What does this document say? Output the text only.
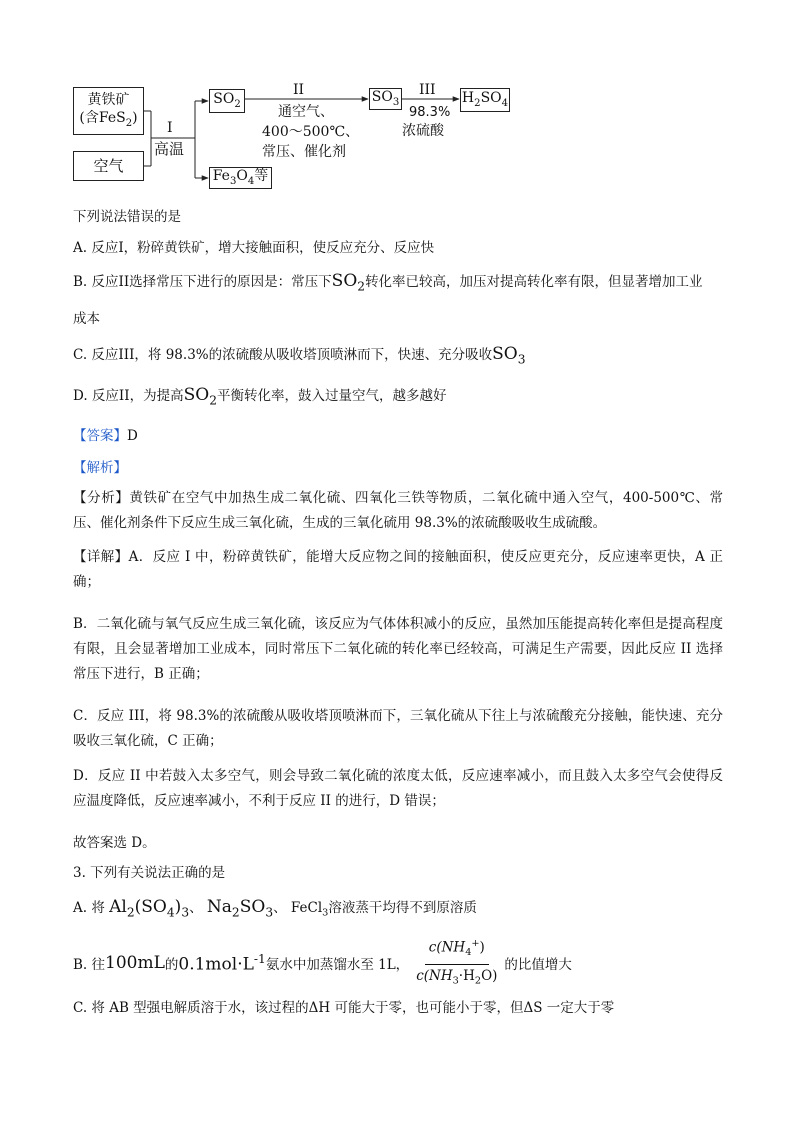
黄铁矿
(含FeS$_2$)
空气
$SO_2$	$SO_3$	$H_2SO_4$
$Fe_3O_4$等
I
高温
II
通空气、
400～500℃、
常压、催化剂
III
98.3%
浓硫酸
下列说法错误的是
A. 反应I，粉碎黄铁矿，增大接触面积，使反应充分、反应快
B. 反应II选择常压下进行的原因是：常压下$SO_2$转化率已较高，加压对提高转化率有限，但显著增加工业
成本
C. 反应III，将 98.3%的浓硫酸从吸收塔顶喷淋而下，快速、充分吸收$SO_3$
D. 反应II，为提高$SO_2$平衡转化率，鼓入过量空气，越多越好
【答案】D
【解析】
【分析】黄铁矿在空气中加热生成二氧化硫、四氧化三铁等物质，二氧化硫中通入空气，400-500℃、常压、催化剂条件下反应生成三氧化硫，生成的三氧化硫用 98.3%的浓硫酸吸收生成硫酸。
【详解】A．反应 I 中，粉碎黄铁矿，能增大反应物之间的接触面积，使反应更充分，反应速率更快，A 正确；
B．二氧化硫与氧气反应生成三氧化硫，该反应为气体体积减小的反应，虽然加压能提高转化率但是提高程度有限，且会显著增加工业成本，同时常压下二氧化硫的转化率已经较高，可满足生产需要，因此反应 II 选择常压下进行，B 正确；
C．反应 III，将 98.3%的浓硫酸从吸收塔顶喷淋而下，三氧化硫从下往上与浓硫酸充分接触，能快速、充分吸收三氧化硫，C 正确；
D．反应 II 中若鼓入太多空气，则会导致二氧化硫的浓度太低，反应速率减小，而且鼓入太多空气会使得反应温度降低，反应速率减小，不利于反应 II 的进行，D 错误；
故答案选 D。
3. 下列有关说法正确的是
A. 将 $Al_2(SO_4)_3$、 $Na_2SO_3$、 FeCl$_3$溶液蒸干均得不到原溶质
B. 往 100mL 的 $0.1mol\cdot L^{-1}$ 氨水中加蒸馏水至 1L， $\frac{c(NH_4^+)}{c(NH_3\cdot H_2O)}$ 的比值增大
C. 将 AB 型强电解质溶于水，该过程的ΔH 可能大于零，也可能小于零，但ΔS 一定大于零
